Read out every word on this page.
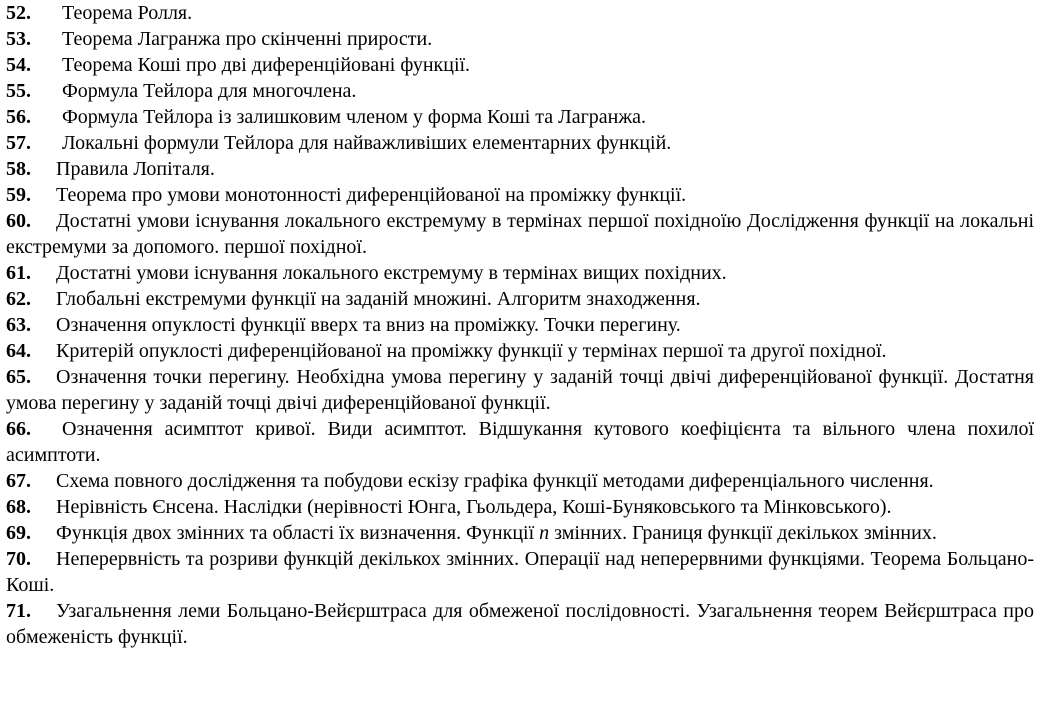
52. Теорема Ролля.

53. Теорема Лагранжа про скінченні прирости.

54. Теорема Коші про дві диференційовані функції.

55. Формула Тейлора для многочлена.

56. Формула Тейлора із залишковим членом у форма Коші та Лагранжа.

57. Локальні формули Тейлора для найважливіших елементарних функцій.

58. Правила Лопіталя.

59. Теорема про умови монотонності диференційованої на проміжку функції.

60. Достатні умови існування локального екстремуму в термінах першої похідноїю Дослідження функції на локальні екстремуми за допомого. першої похідної.

61. Достатні умови існування локального екстремуму в термінах вищих похідних.

62. Глобальні екстремуми функції на заданій множині. Алгоритм знаходження.

63. Означення опуклості функції вверх та вниз на проміжку. Точки перегину.

64. Критерій опуклості диференційованої на проміжку функції у термінах першої та другої похідної.

65. Означення точки перегину. Необхідна умова перегину у заданій точці двічі диференційованої функції. Достатня умова перегину у заданій точці двічі диференційованої функції.

66. Означення асимптот кривої. Види асимптот. Відшукання кутового коефіцієнта та вільного члена похилої асимптоти.

67. Схема повного дослідження та побудови ескізу графіка функції методами диференціального числення.

68. Нерівність Єнсена. Наслідки (нерівності Юнга, Гьольдера, Коші-Буняковського та Мінковського).

69. Функція двох змінних та області їх визначення. Функції n змінних. Границя функції декількох змінних.

70. Неперервність та розриви функцій декількох змінних. Операції над неперервними функціями. Теорема Больцано-Коші.

71. Узагальнення леми Больцано-Вейєрштраса для обмеженої послідовності. Узагальнення теорем Вейєрштраса про обмеженість функції.
